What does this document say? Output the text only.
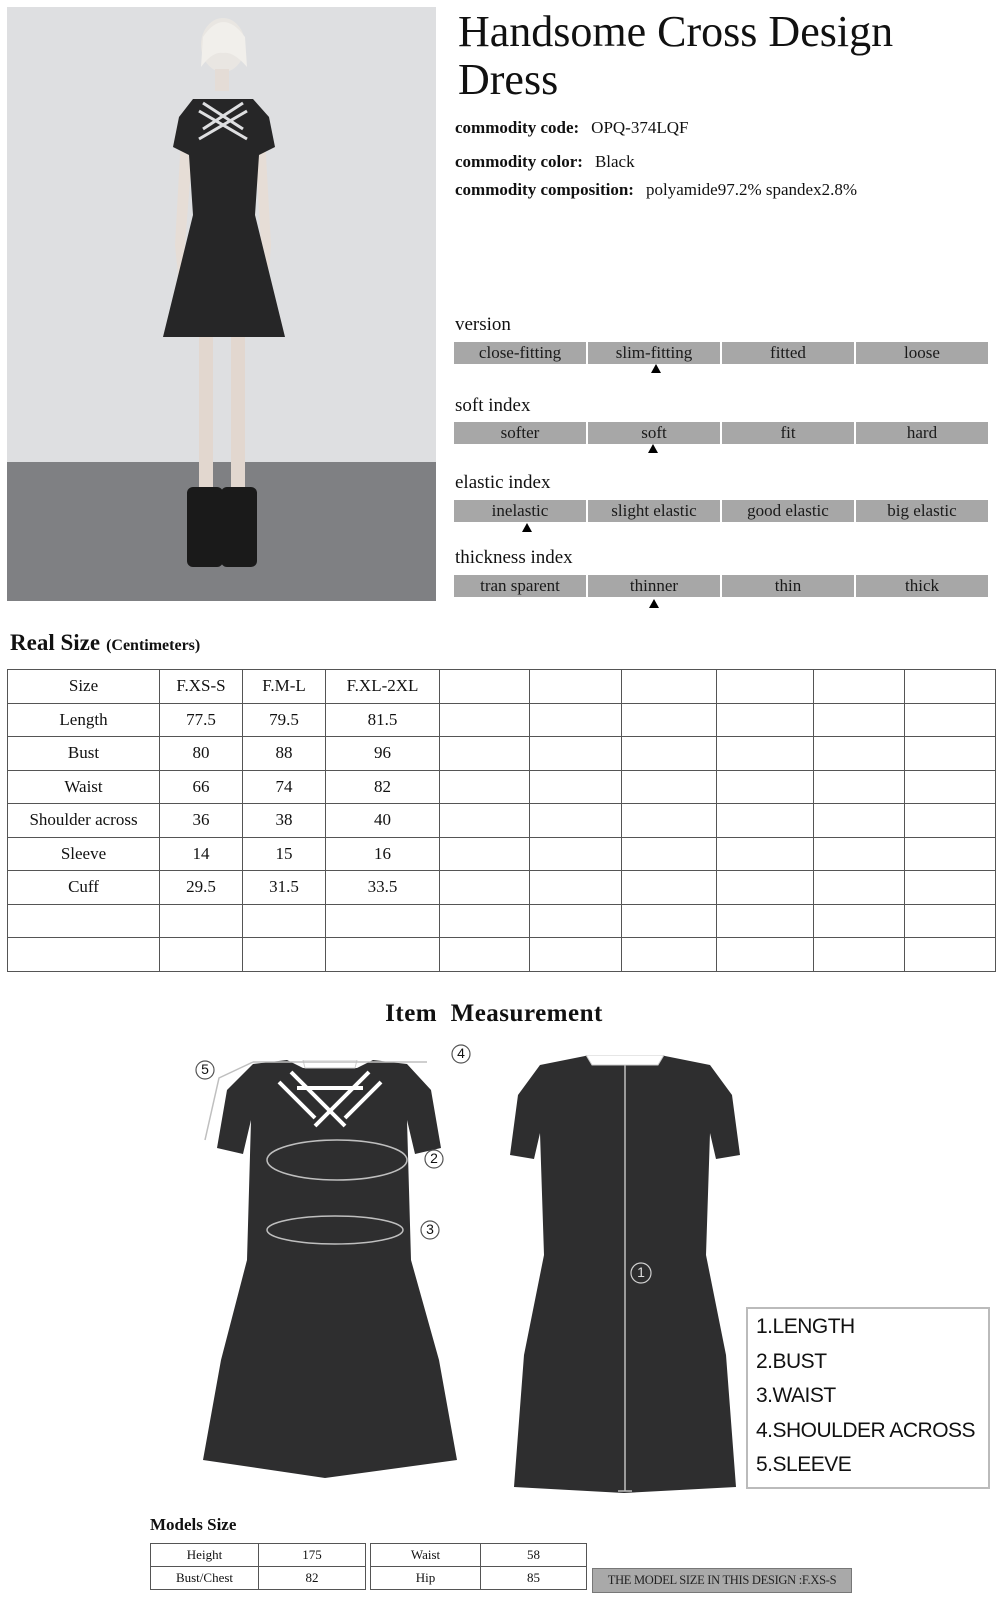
Handsome Cross Design Dress
commodity code: OPQ-374LQF
commodity color: Black
commodity composition: polyamide97.2% spandex2.8%
version
close-fitting	slim-fitting	fitted	loose
soft index
softer	soft	fit	hard
elastic index
inelastic	slight elastic	good elastic	big elastic
thickness index
tran sparent	thinner	thin	thick
Real Size (Centimeters)
Size	F.XS-S	F.M-L	F.XL-2XL						
Length	77.5	79.5	81.5						
Bust	80	88	96						
Waist	66	74	82						
Shoulder across	36	38	40						
Sleeve	14	15	16						
Cuff	29.5	31.5	33.5						

Item  Measurement
5
4
2
3
1
1.LENGTH
2.BUST
3.WAIST
4.SHOULDER ACROSS
5.SLEEVE
Models Size
Height	175
Bust/Chest	82
Waist	58
Hip	85	THE MODEL SIZE IN THIS DESIGN :F.XS-S
